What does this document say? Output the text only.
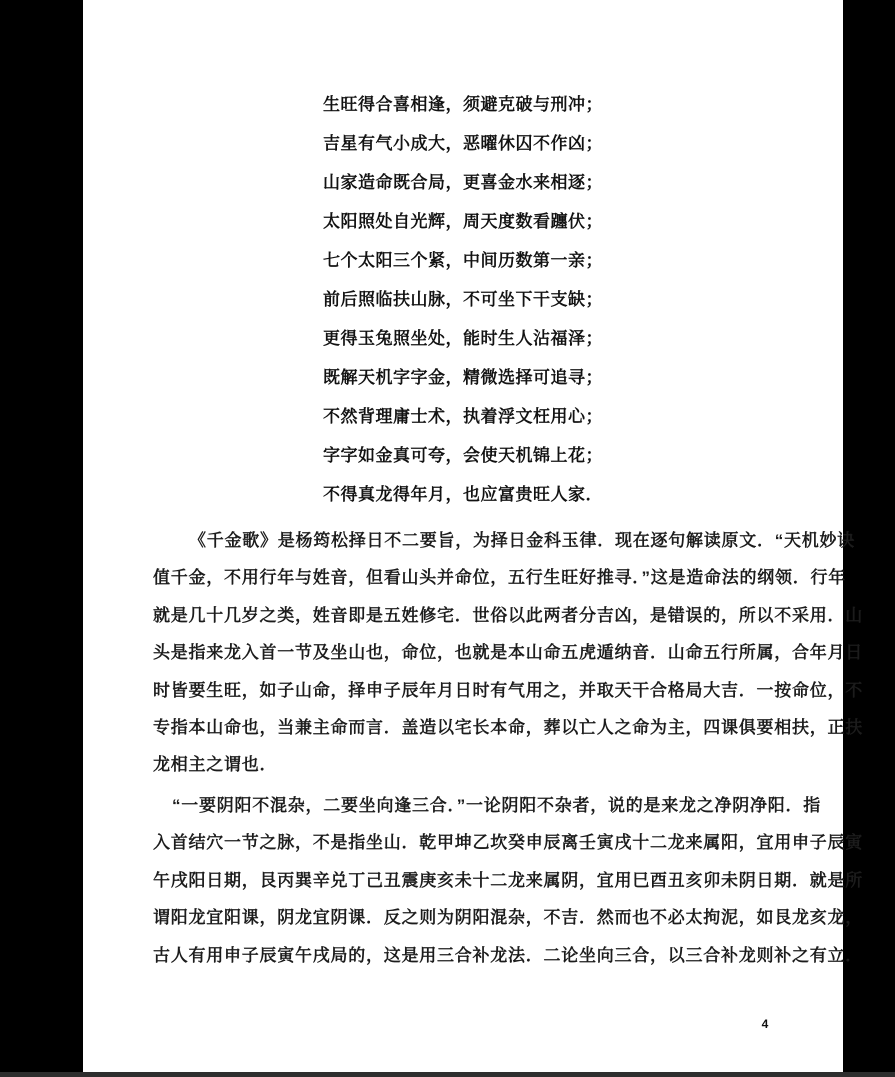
生旺得合喜相逢，须避克破与刑冲；
吉星有气小成大，恶曜休囚不作凶；
山家造命既合局，更喜金水来相逐；
太阳照处自光辉，周天度数看躔伏；
七个太阳三个紧，中间历数第一亲；
前后照临扶山脉，不可坐下干支缺；
更得玉兔照坐处，能时生人沾福泽；
既解天机字字金，精微选择可追寻；
不然背理庸士术，执着浮文枉用心；
字字如金真可夸，会使天机锦上花；
不得真龙得年月，也应富贵旺人家．
《千金歌》是杨筠松择日不二要旨，为择日金科玉律．现在逐句解读原文．“天机妙诀
值千金，不用行年与姓音，但看山头并命位，五行生旺好推寻．”这是造命法的纲领．行年
就是几十几岁之类，姓音即是五姓修宅．世俗以此两者分吉凶，是错误的，所以不采用．山
头是指来龙入首一节及坐山也，命位，也就是本山命五虎遁纳音．山命五行所属，合年月日
时皆要生旺，如子山命，择申子辰年月日时有气用之，并取天干合格局大吉．一按命位，不
专指本山命也，当兼主命而言．盖造以宅长本命，葬以亡人之命为主，四课俱要相扶，正扶
龙相主之谓也．
“一要阴阳不混杂，二要坐向逢三合．”一论阴阳不杂者，说的是来龙之净阴净阳．指
入首结穴一节之脉，不是指坐山．乾甲坤乙坎癸申辰离壬寅戌十二龙来属阳，宜用申子辰寅
午戌阳日期，艮丙巽辛兑丁己丑震庚亥未十二龙来属阴，宜用巳酉丑亥卯未阴日期．就是所
谓阳龙宜阳课，阴龙宜阴课．反之则为阴阳混杂，不吉．然而也不必太拘泥，如艮龙亥龙，
古人有用申子辰寅午戌局的，这是用三合补龙法．二论坐向三合，以三合补龙则补之有立．
4
